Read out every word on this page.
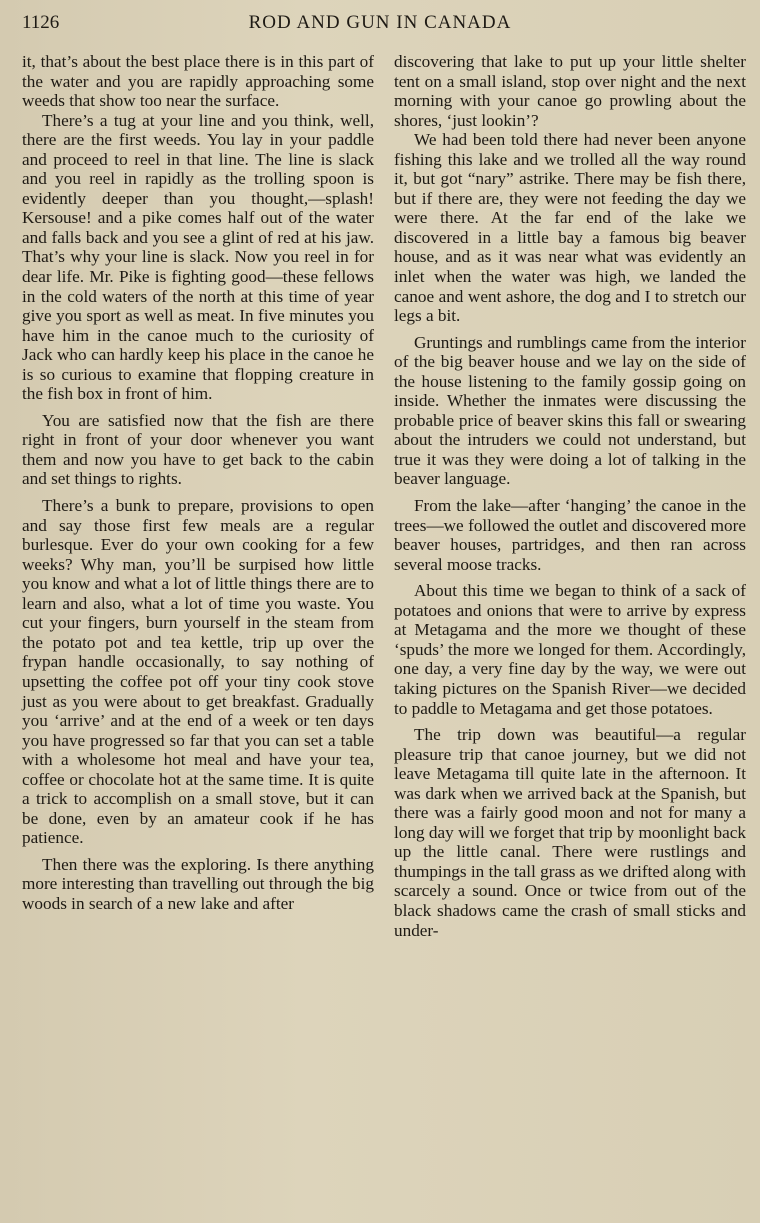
1126	ROD AND GUN IN CANADA

it, that’s about the best place there is in this part of the water and you are rapidly approaching some weeds that show too near the surface.

There’s a tug at your line and you think, well, there are the first weeds. You lay in your paddle and proceed to reel in that line. The line is slack and you reel in rapidly as the trolling spoon is evidently deeper than you thought,—splash! Kersouse! and a pike comes half out of the water and falls back and you see a glint of red at his jaw. That’s why your line is slack. Now you reel in for dear life. Mr. Pike is fighting good—these fellows in the cold waters of the north at this time of year give you sport as well as meat. In five minutes you have him in the canoe much to the curiosity of Jack who can hardly keep his place in the canoe he is so curious to examine that flopping creature in the fish box in front of him.

You are satisfied now that the fish are there right in front of your door whenever you want them and now you have to get back to the cabin and set things to rights.

There’s a bunk to prepare, provisions to open and say those first few meals are a regular burlesque. Ever do your own cooking for a few weeks? Why man, you’ll be surpised how little you know and what a lot of little things there are to learn and also, what a lot of time you waste. You cut your fingers, burn yourself in the steam from the potato pot and tea kettle, trip up over the frypan handle occasionally, to say nothing of upsetting the coffee pot off your tiny cook stove just as you were about to get breakfast. Gradually you ‘arrive’ and at the end of a week or ten days you have progressed so far that you can set a table with a wholesome hot meal and have your tea, coffee or chocolate hot at the same time. It is quite a trick to accomplish on a small stove, but it can be done, even by an amateur cook if he has patience.

Then there was the exploring. Is there anything more interesting than travelling out through the big woods in search of a new lake and after

discovering that lake to put up your little shelter tent on a small island, stop over night and the next morning with your canoe go prowling about the shores, ‘just lookin’?

We had been told there had never been anyone fishing this lake and we trolled all the way round it, but got “nary” astrike. There may be fish there, but if there are, they were not feeding the day we were there. At the far end of the lake we discovered in a little bay a famous big beaver house, and as it was near what was evidently an inlet when the water was high, we landed the canoe and went ashore, the dog and I to stretch our legs a bit.

Gruntings and rumblings came from the interior of the big beaver house and we lay on the side of the house listening to the family gossip going on inside. Whether the inmates were discussing the probable price of beaver skins this fall or swearing about the intruders we could not understand, but true it was they were doing a lot of talking in the beaver language.

From the lake—after ‘hanging’ the canoe in the trees—we followed the outlet and discovered more beaver houses, partridges, and then ran across several moose tracks.

About this time we began to think of a sack of potatoes and onions that were to arrive by express at Metagama and the more we thought of these ‘spuds’ the more we longed for them. Accordingly, one day, a very fine day by the way, we were out taking pictures on the Spanish River—we decided to paddle to Metagama and get those potatoes.

The trip down was beautiful—a regular pleasure trip that canoe journey, but we did not leave Metagama till quite late in the afternoon. It was dark when we arrived back at the Spanish, but there was a fairly good moon and not for many a long day will we forget that trip by moonlight back up the little canal. There were rustlings and thumpings in the tall grass as we drifted along with scarcely a sound. Once or twice from out of the black shadows came the crash of small sticks and under-
